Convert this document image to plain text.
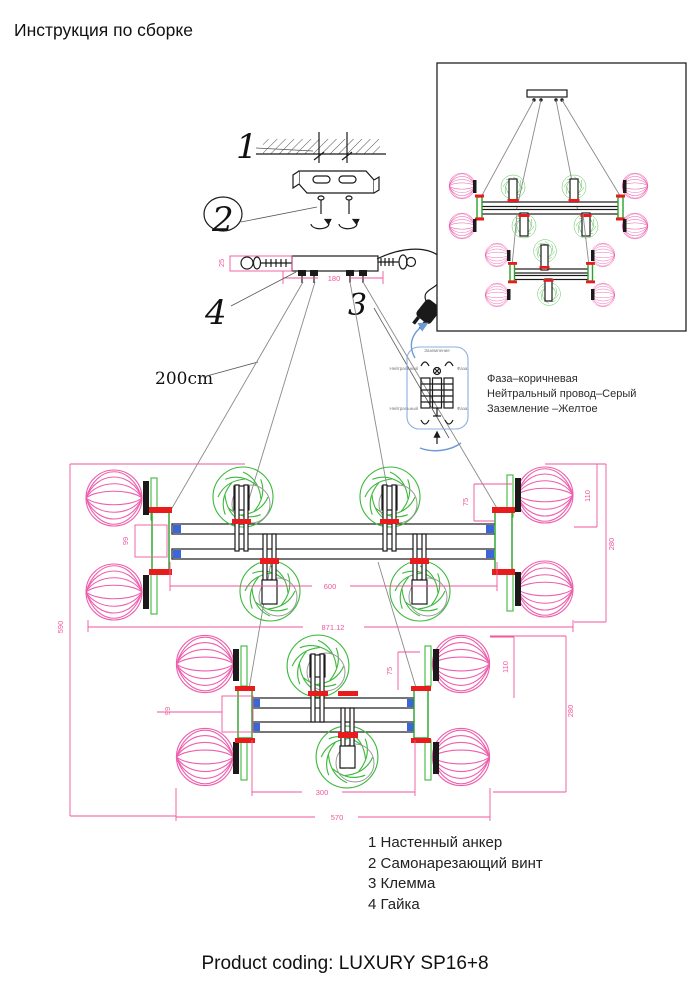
Инструкция по сборке
25
180
1
2
3
4
200cm
Заземление
Нейтральный
Нейтральный
Фаза
Фаза
Фаза–коричневая
Нейтральный провод–Серый
Заземление –Желтое
590
99
75
110
280
600
871.12
99
75	110
280
300
570
1 Настенный анкер
2 Самонарезающий винт
3 Клемма
4 Гайка
Product coding: LUXURY SP16+8
